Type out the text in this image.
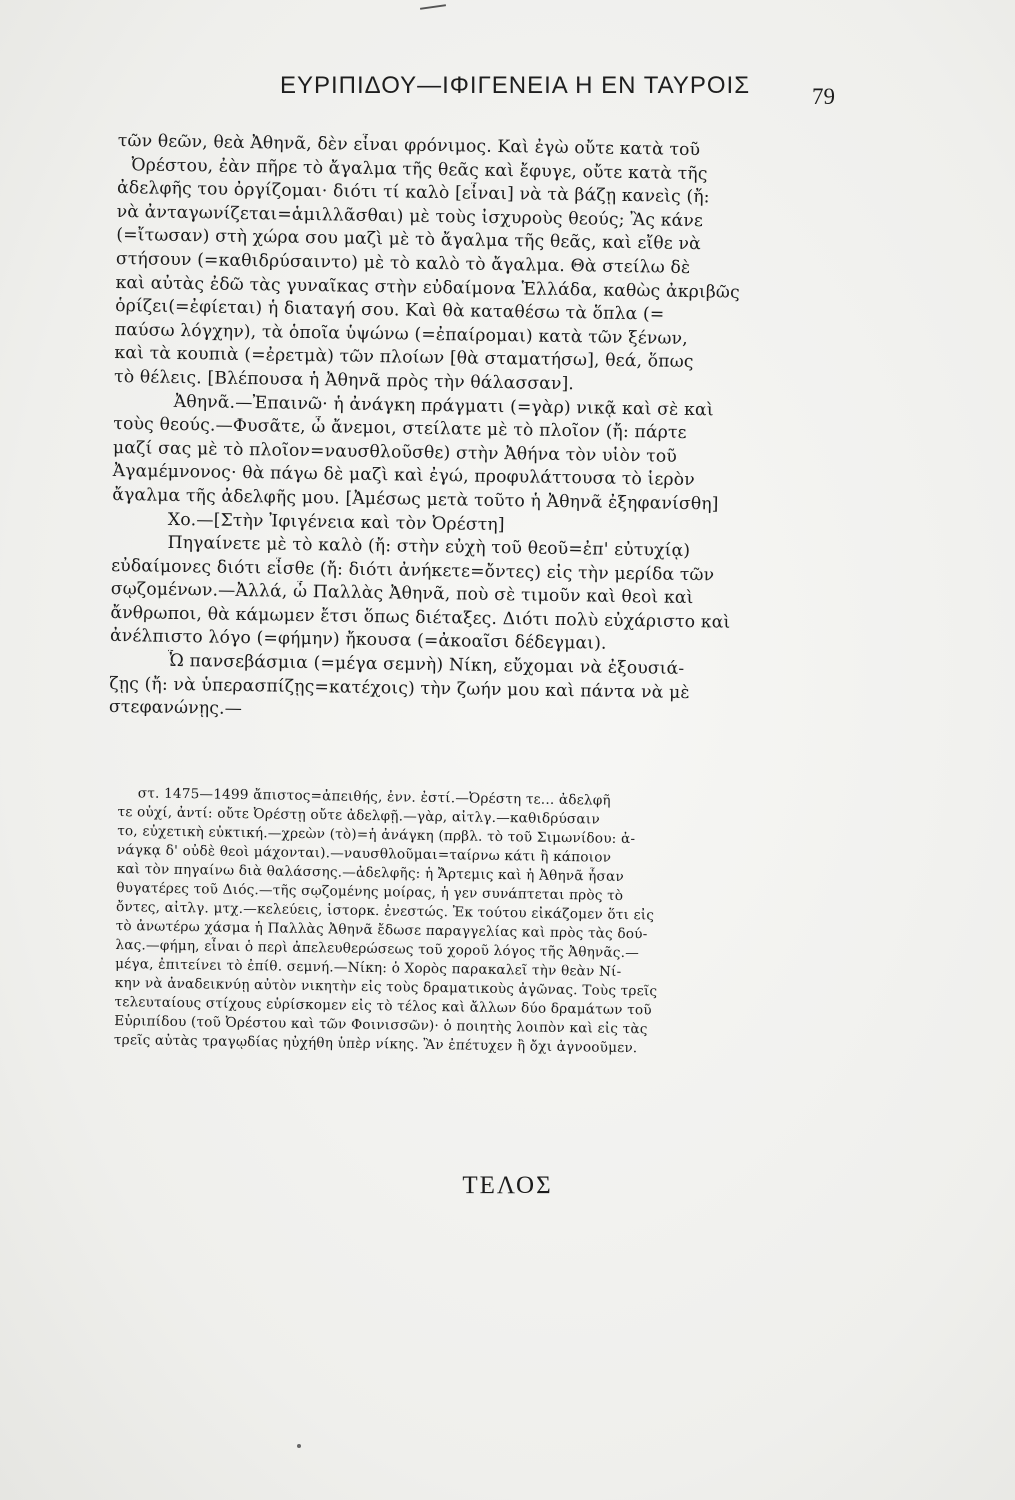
ΕΥΡΙΠΙΔΟΥ—ΙΦΙΓΕΝΕΙΑ Η ΕΝ ΤΑΥΡΟΙΣ	79
τῶν θεῶν, θεὰ Ἀθηνᾶ, δὲν εἶναι φρόνιμος. Καὶ ἐγὼ οὔτε κατὰ τοῦ
Ὀρέστου, ἐὰν πῆρε τὸ ἄγαλμα τῆς θεᾶς καὶ ἔφυγε, οὔτε κατὰ τῆς
ἀδελφῆς του ὀργίζομαι· διότι τί καλὸ [εἶναι] νὰ τὰ βάζῃ κανεὶς (ἤ:
νὰ ἀνταγωνίζεται=ἁμιλλᾶσθαι) μὲ τοὺς ἰσχυροὺς θεούς; Ἂς κάνε
(=ἴτωσαν) στὴ χώρα σου μαζὶ μὲ τὸ ἄγαλμα τῆς θεᾶς, καὶ εἴθε νὰ
στήσουν (=καθιδρύσαιντο) μὲ τὸ καλὸ τὸ ἄγαλμα. Θὰ στείλω δὲ
καὶ αὐτὰς ἐδῶ τὰς γυναῖκας στὴν εὐδαίμονα Ἑλλάδα, καθὼς ἀκριβῶς
ὁρίζει(=ἐφίεται) ἡ διαταγή σου. Καὶ θὰ καταθέσω τὰ ὅπλα (=
παύσω λόγχην), τὰ ὁποῖα ὑψώνω (=ἐπαίρομαι) κατὰ τῶν ξένων,
καὶ τὰ κουπιὰ (=ἐρετμὰ) τῶν πλοίων [θὰ σταματήσω], θεά, ὅπως
τὸ θέλεις. [Βλέπουσα ἡ Ἀθηνᾶ πρὸς τὴν θάλασσαν].
Ἀθηνᾶ.—Ἐπαινῶ· ἡ ἀνάγκη πράγματι (=γὰρ) νικᾷ καὶ σὲ καὶ
τοὺς θεούς.—Φυσᾶτε, ὦ ἄνεμοι, στείλατε μὲ τὸ πλοῖον (ἤ: πάρτε
μαζί σας μὲ τὸ πλοῖον=ναυσθλοῦσθε) στὴν Ἀθήνα τὸν υἱὸν τοῦ
Ἀγαμέμνονος· θὰ πάγω δὲ μαζὶ καὶ ἐγώ, προφυλάττουσα τὸ ἱερὸν
ἄγαλμα τῆς ἀδελφῆς μου. [Ἀμέσως μετὰ τοῦτο ἡ Ἀθηνᾶ ἐξηφανίσθη]
Χο.—[Στὴν Ἰφιγένεια καὶ τὸν Ὀρέστη]
Πηγαίνετε μὲ τὸ καλὸ (ἤ: στὴν εὐχὴ τοῦ θεοῦ=ἐπ' εὐτυχίᾳ)
εὐδαίμονες διότι εἶσθε (ἤ: διότι ἀνήκετε=ὄντες) εἰς τὴν μερίδα τῶν
σῳζομένων.—Ἀλλά, ὦ Παλλὰς Ἀθηνᾶ, ποὺ σὲ τιμοῦν καὶ θεοὶ καὶ
ἄνθρωποι, θὰ κάμωμεν ἔτσι ὅπως διέταξες. Διότι πολὺ εὐχάριστο καὶ
ἀνέλπιστο λόγο (=φήμην) ἤκουσα (=ἀκοαῖσι δέδεγμαι).
Ὦ πανσεβάσμια (=μέγα σεμνὴ) Νίκη, εὔχομαι νὰ ἐξουσιά-
ζῃς (ἤ: νὰ ὑπερασπίζῃς=κατέχοις) τὴν ζωήν μου καὶ πάντα νὰ μὲ
στεφανώνῃς.—
στ. 1475—1499 ἄπιστος=ἀπειθής, ἐνν. ἐστί.—Ὀρέστη τε... ἀδελφῆ
τε οὐχί, ἀντί: οὔτε Ὀρέστῃ οὔτε ἀδελφῇ.—γὰρ, αἰτλγ.—καθιδρύσαιν
το, εὐχετικὴ εὐκτική.—χρεὼν (τὸ)=ἡ ἀνάγκη (πρβλ. τὸ τοῦ Σιμωνίδου: ἀ-
νάγκᾳ δ' οὐδὲ θεοὶ μάχονται).—ναυσθλοῦμαι=ταίρνω κάτι ἢ κάποιον
καὶ τὸν πηγαίνω διὰ θαλάσσης.—ἀδελφῆς: ἡ Ἄρτεμις καὶ ἡ Ἀθηνᾶ ἦσαν
θυγατέρες τοῦ Διός.—τῆς σῳζομένης μοίρας, ἡ γεν συνάπτεται πρὸς τὸ
ὄντες, αἰτλγ. μτχ.—κελεύεις, ἱστορκ. ἐνεστώς. Ἐκ τούτου εἰκάζομεν ὅτι εἰς
τὸ ἀνωτέρω χάσμα ἡ Παλλὰς Ἀθηνᾶ ἔδωσε παραγγελίας καὶ πρὸς τὰς δού-
λας.—φήμη, εἶναι ὁ περὶ ἀπελευθερώσεως τοῦ χοροῦ λόγος τῆς Ἀθηνᾶς.—
μέγα, ἐπιτείνει τὸ ἐπίθ. σεμνή.—Νίκη: ὁ Χορὸς παρακαλεῖ τὴν θεὰν Νί-
κην νὰ ἀναδεικνύῃ αὐτὸν νικητὴν εἰς τοὺς δραματικοὺς ἀγῶνας. Τοὺς τρεῖς
τελευταίους στίχους εὑρίσκομεν εἰς τὸ τέλος καὶ ἄλλων δύο δραμάτων τοῦ
Εὐριπίδου (τοῦ Ὀρέστου καὶ τῶν Φοινισσῶν)· ὁ ποιητὴς λοιπὸν καὶ εἰς τὰς
τρεῖς αὐτὰς τραγῳδίας ηὐχήθη ὑπὲρ νίκης. Ἂν ἐπέτυχεν ἢ ὄχι ἀγνοοῦμεν.
ΤΕΛΟΣ
